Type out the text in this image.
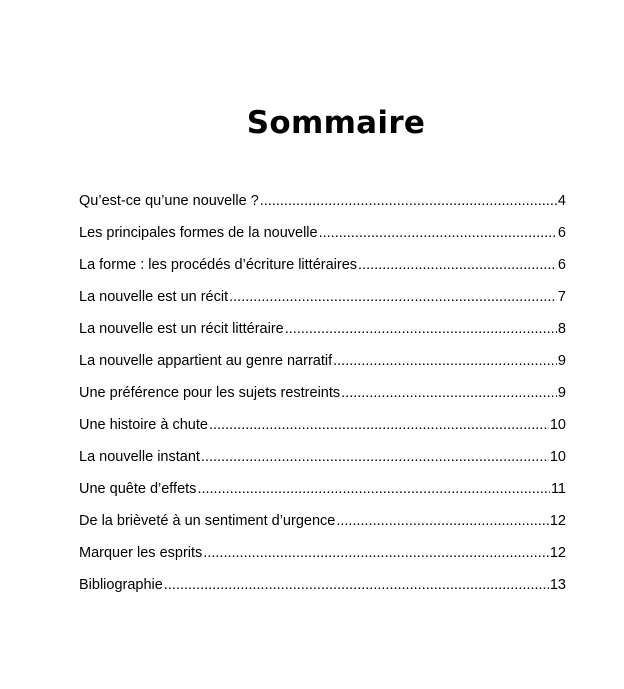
Sommaire
Qu’est-ce qu’une nouvelle ? .....	4
Les principales formes de la nouvelle .....	6
La forme : les procédés d’écriture littéraires .....	6
La nouvelle est un récit .....	7
La nouvelle est un récit littéraire .....	8
La nouvelle appartient au genre narratif .....	9
Une préférence pour les sujets restreints .....	9
Une histoire à chute .....	10
La nouvelle instant .....	10
Une quête d’effets .....	11
De la brièveté à un sentiment d’urgence .....	12
Marquer les esprits .....	12
Bibliographie .....	13
